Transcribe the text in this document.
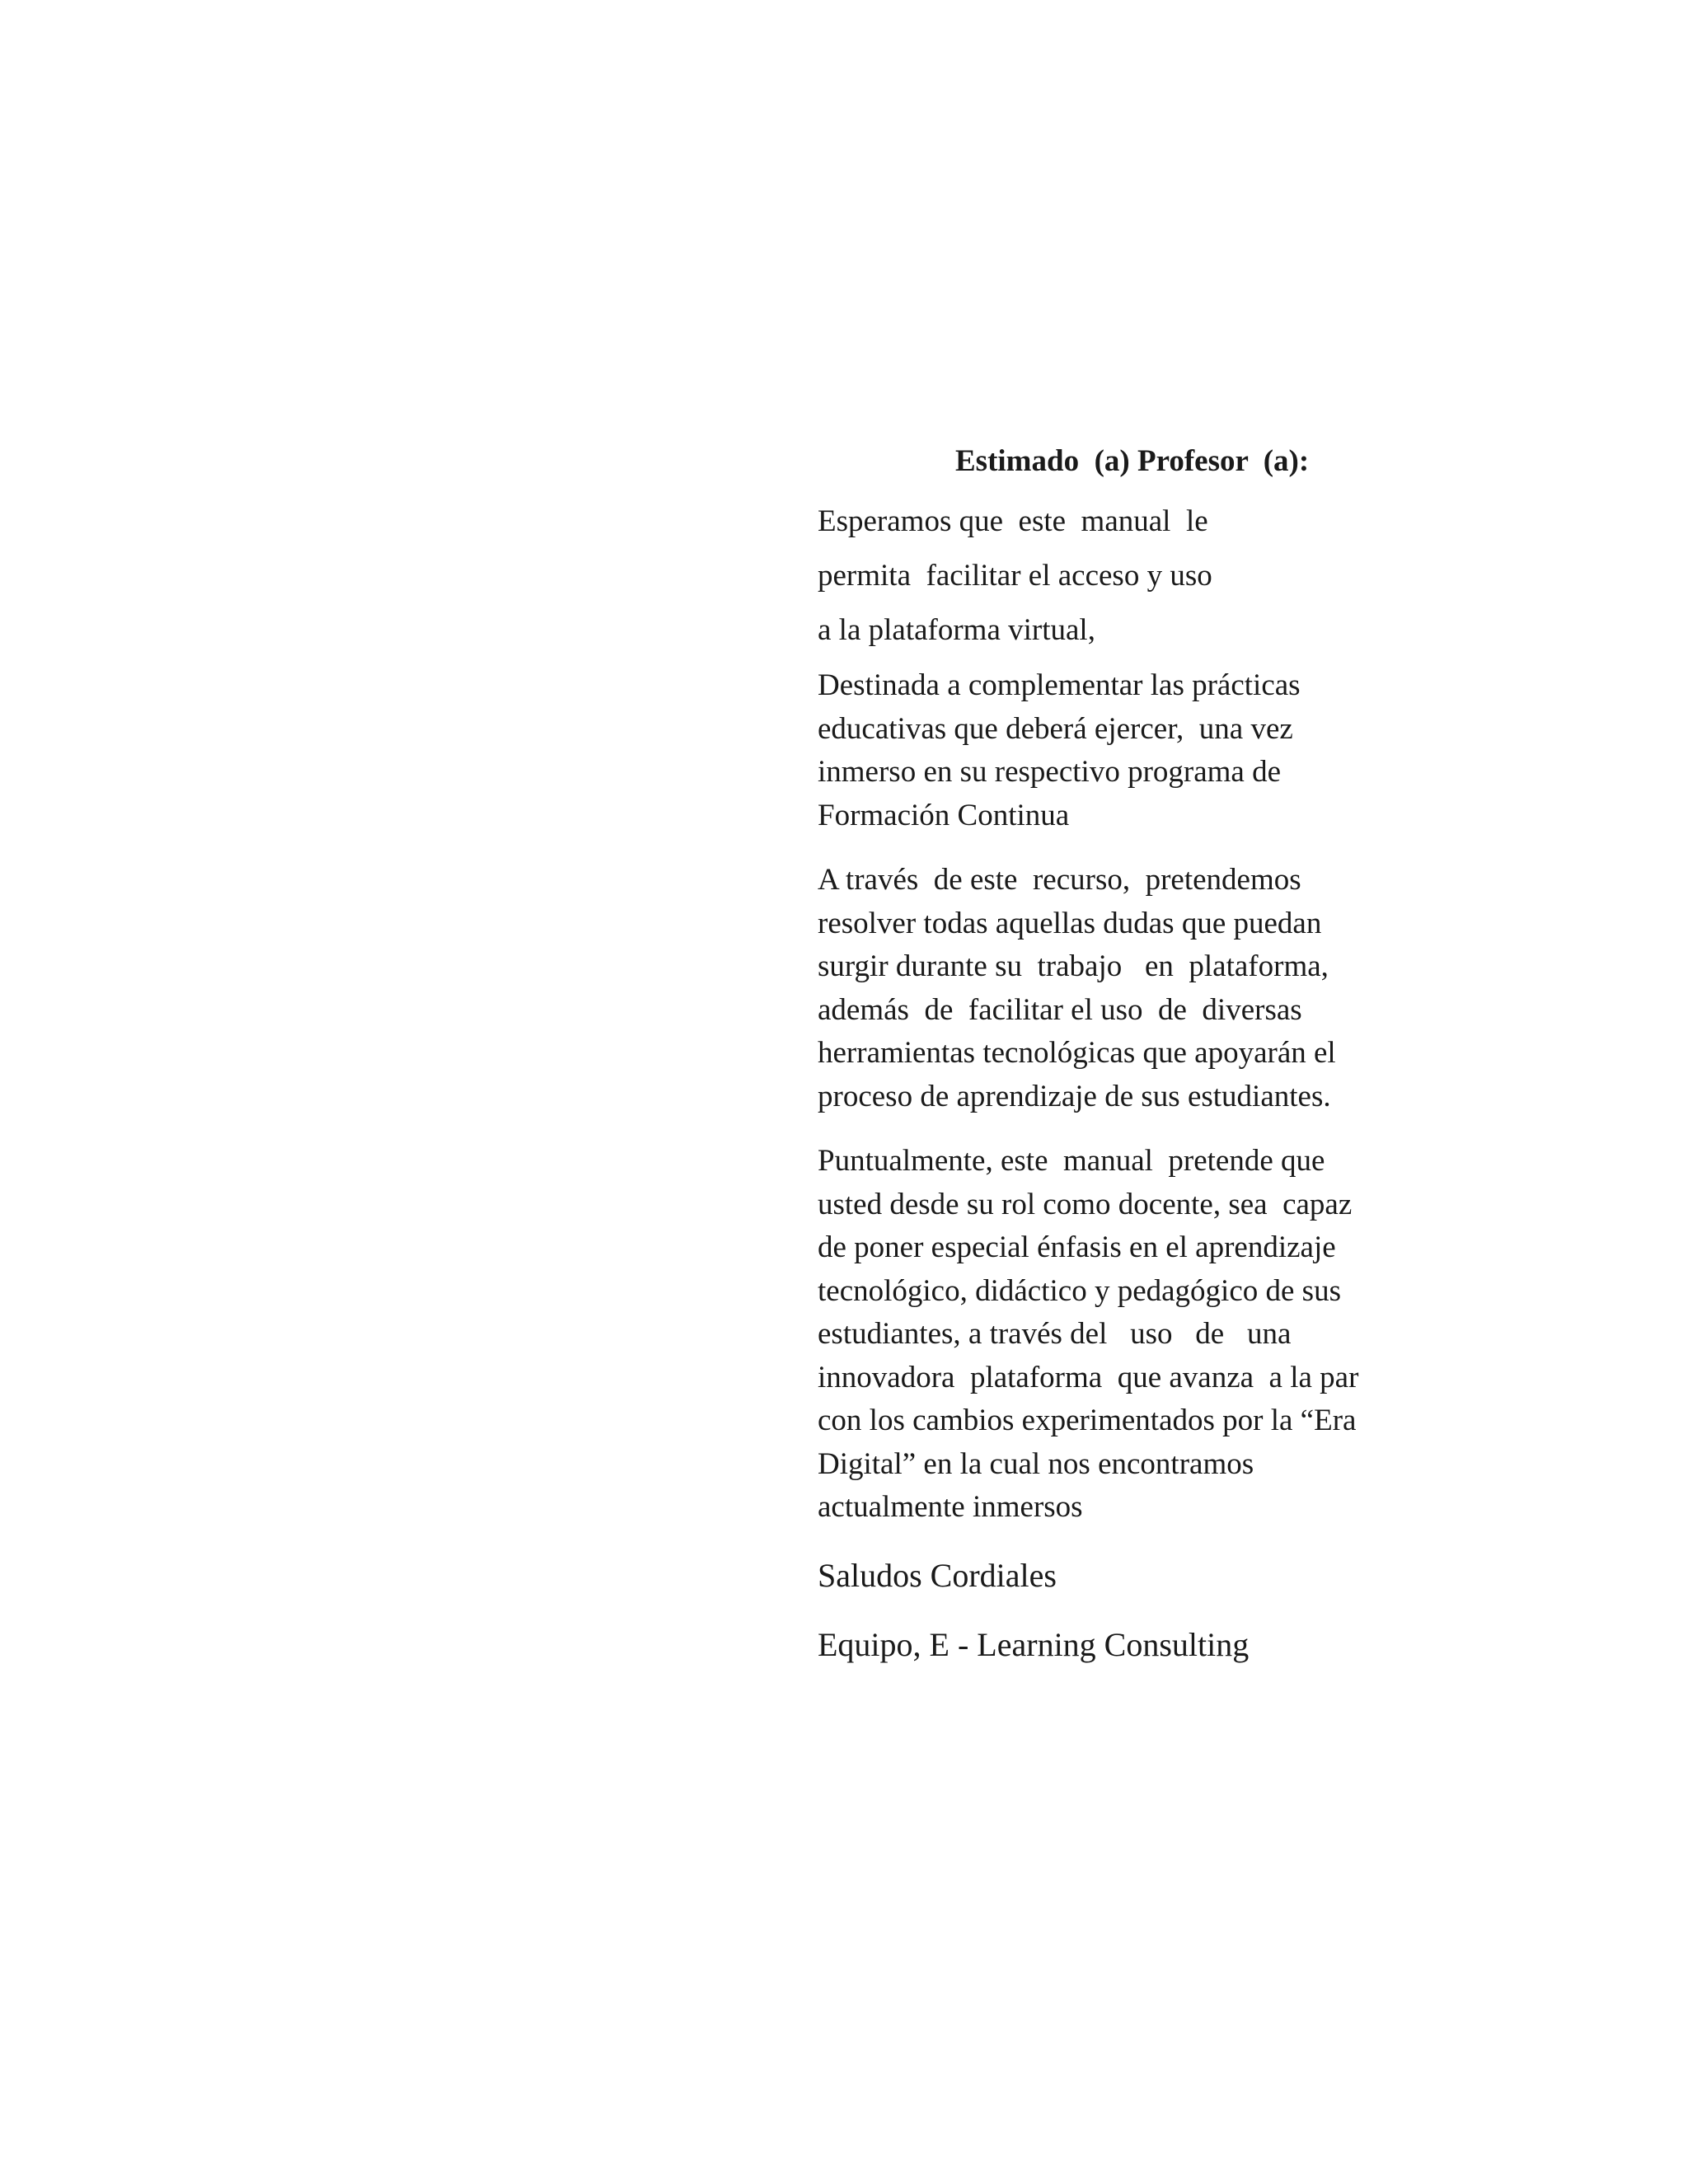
Estimado  (a) Profesor  (a):

Esperamos que  este  manual  le

permita  facilitar el acceso y uso

a la plataforma virtual,

Destinada a complementar las prácticas
educativas que deberá ejercer,  una vez
inmerso en su respectivo programa de
Formación Continua

A través  de este  recurso,  pretendemos
resolver todas aquellas dudas que puedan
surgir durante su  trabajo   en  plataforma,
además  de  facilitar el uso  de  diversas
herramientas tecnológicas que apoyarán el
proceso de aprendizaje de sus estudiantes.

Puntualmente, este  manual  pretende que
usted desde su rol como docente, sea  capaz
de poner especial énfasis en el aprendizaje
tecnológico, didáctico y pedagógico de sus
estudiantes, a través del   uso   de   una
innovadora  plataforma  que avanza  a la par
con los cambios experimentados por la “Era
Digital” en la cual nos encontramos
actualmente inmersos

Saludos Cordiales

Equipo, E - Learning Consulting
